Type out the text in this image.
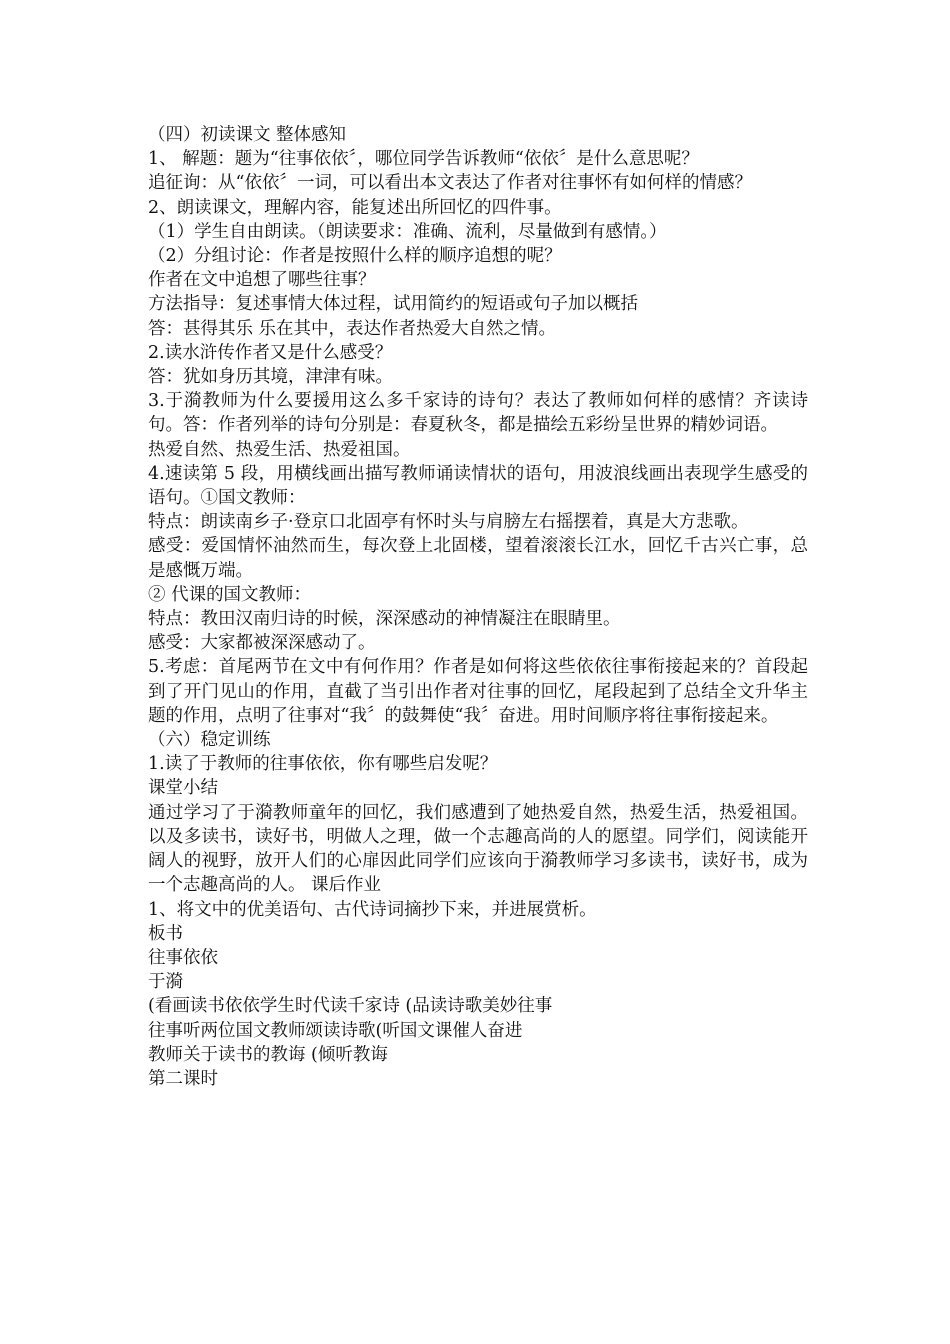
（四）初读课文 整体感知

1、 解题：题为“往事依依〞，哪位同学告诉教师“依依〞是什么意思呢？

追征询：从“依依〞一词，可以看出本文表达了作者对往事怀有如何样的情感？

2、朗读课文，理解内容，能复述出所回忆的四件事。

（1）学生自由朗读。（朗读要求：准确、流利，尽量做到有感情。）

（2）分组讨论：作者是按照什么样的顺序追想的呢？

作者在文中追想了哪些往事？

方法指导：复述事情大体过程，试用简约的短语或句子加以概括

答：甚得其乐 乐在其中，表达作者热爱大自然之情。

2.读水浒传作者又是什么感受？

答：犹如身历其境，津津有味。

3.于漪教师为什么要援用这么多千家诗的诗句？表达了教师如何样的感情？齐读诗句。答：作者列举的诗句分别是：春夏秋冬，都是描绘五彩纷呈世界的精妙词语。

热爱自然、热爱生活、热爱祖国。

4.速读第 5 段，用横线画出描写教师诵读情状的语句，用波浪线画出表现学生感受的语句。①国文教师：

特点：朗读南乡子·登京口北固亭有怀时头与肩膀左右摇摆着，真是大方悲歌。

感受：爱国情怀油然而生，每次登上北固楼，望着滚滚长江水，回忆千古兴亡事，总是感慨万端。

② 代课的国文教师：

特点：教田汉南归诗的时候，深深感动的神情凝注在眼睛里。

感受：大家都被深深感动了。

5.考虑：首尾两节在文中有何作用？作者是如何将这些依依往事衔接起来的？首段起到了开门见山的作用，直截了当引出作者对往事的回忆，尾段起到了总结全文升华主题的作用，点明了往事对“我〞的鼓舞使“我〞奋进。用时间顺序将往事衔接起来。

（六）稳定训练

1.读了于教师的往事依依，你有哪些启发呢？

课堂小结

通过学习了于漪教师童年的回忆，我们感遭到了她热爱自然，热爱生活，热爱祖国。以及多读书，读好书，明做人之理，做一个志趣高尚的人的愿望。同学们，阅读能开阔人的视野，放开人们的心扉因此同学们应该向于漪教师学习多读书，读好书，成为一个志趣高尚的人。 课后作业

1、将文中的优美语句、古代诗词摘抄下来，并进展赏析。

板书

往事依依

于漪

(看画读书依依学生时代读千家诗 (品读诗歌美妙往事

往事听两位国文教师颂读诗歌(听国文课催人奋进

教师关于读书的教诲 (倾听教诲

第二课时
